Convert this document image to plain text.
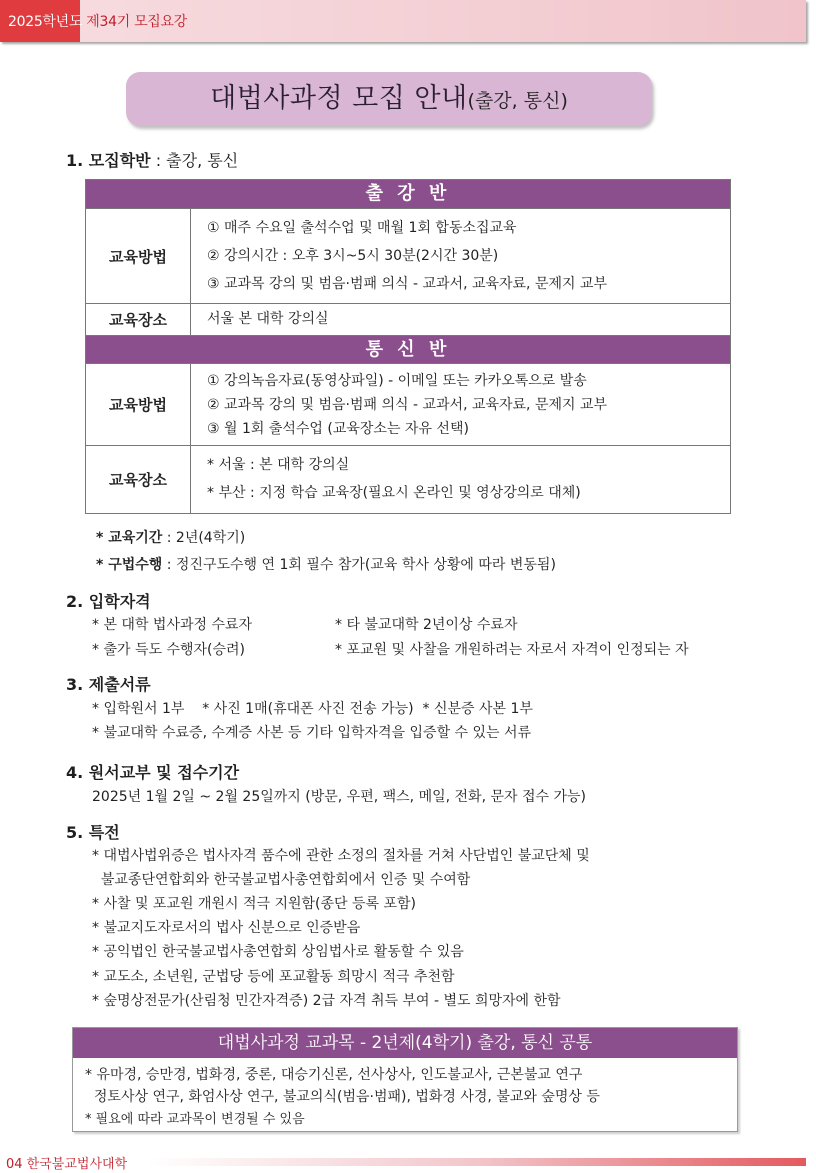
2025학년도 제34기 모집요강
대법사과정 모집 안내(출강, 통신)
1. 모집학반 : 출강, 통신
출 강 반
교육방법
① 매주 수요일 출석수업 및 매월 1회 합동소집교육
② 강의시간 : 오후 3시~5시 30분(2시간 30분)
③ 교과목 강의 및 범음·범패 의식 - 교과서, 교육자료, 문제지 교부
교육장소	서울 본 대학 강의실
통 신 반
교육방법
① 강의녹음자료(동영상파일) - 이메일 또는 카카오톡으로 발송
② 교과목 강의 및 범음·범패 의식 - 교과서, 교육자료, 문제지 교부
③ 월 1회 출석수업 (교육장소는 자유 선택)
교육장소
* 서울 : 본 대학 강의실
* 부산 : 지정 학습 교육장(필요시 온라인 및 영상강의로 대체)
* 교육기간 : 2년(4학기)
* 구법수행 : 정진구도수행 연 1회 필수 참가(교육 학사 상황에 따라 변동됨)
2. 입학자격
* 본 대학 법사과정 수료자	* 타 불교대학 2년이상 수료자
* 출가 득도 수행자(승려)	* 포교원 및 사찰을 개원하려는 자로서 자격이 인정되는 자
3. 제출서류
* 입학원서 1부    * 사진 1매(휴대폰 사진 전송 가능)  * 신분증 사본 1부
* 불교대학 수료증, 수계증 사본 등 기타 입학자격을 입증할 수 있는 서류
4. 원서교부 및 접수기간
2025년 1월 2일 ~ 2월 25일까지 (방문, 우편, 팩스, 메일, 전화, 문자 접수 가능)
5. 특전
* 대법사법위증은 법사자격 품수에 관한 소정의 절차를 거쳐 사단법인 불교단체 및
불교종단연합회와 한국불교법사총연합회에서 인증 및 수여함
* 사찰 및 포교원 개원시 적극 지원함(종단 등록 포함)
* 불교지도자로서의 법사 신분으로 인증받음
* 공익법인 한국불교법사총연합회 상임법사로 활동할 수 있음
* 교도소, 소년원, 군법당 등에 포교활동 희망시 적극 추천함
* 숲명상전문가(산림청 민간자격증) 2급 자격 취득 부여 - 별도 희망자에 한함
대법사과정 교과목 - 2년제(4학기) 출강, 통신 공통
* 유마경, 승만경, 법화경, 중론, 대승기신론, 선사상사, 인도불교사, 근본불교 연구
정토사상 연구, 화엄사상 연구, 불교의식(범음·범패), 법화경 사경, 불교와 숲명상 등
* 필요에 따라 교과목이 변경될 수 있음
04 한국불교법사대학
